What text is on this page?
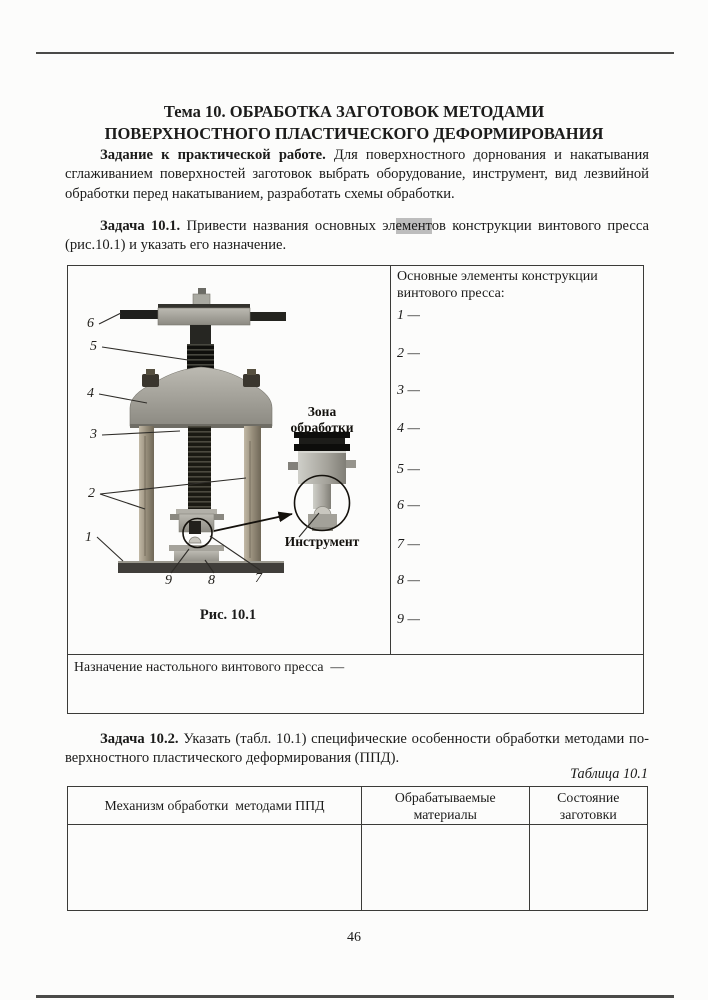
Тема 10. ОБРАБОТКА ЗАГОТОВОК МЕТОДАМИ
ПОВЕРХНОСТНОГО ПЛАСТИЧЕСКОГО ДЕФОРМИРОВАНИЯ
Задание к практической работе. Для поверхностного дорнования и накатывания
сглаживанием поверхностей заготовок выбрать оборудование, инструмент, вид лезвийной
обработки перед накатыванием, разработать схемы обработки.
Задача 10.1. Привести названия основных элементов конструкции винтового пресса
(рис.10.1) и указать его назначение.
1
2
3
4
5
6
7
8
9
Зона
обработки
Инструмент
Рис. 10.1
Основные элементы конструкции винтового пресса:
1 —
2 —
3 —
4 —
5 —
6 —
7 —
8 —
9 —
Назначение настольного винтового пресса  —
Задача 10.2. Указать (табл. 10.1) специфические особенности обработки методами по-
верхностного пластического деформирования (ППД).
Таблица 10.1
Механизм обработки  методами ППД	Обрабатываемые материалы	Состояние заготовки

46
